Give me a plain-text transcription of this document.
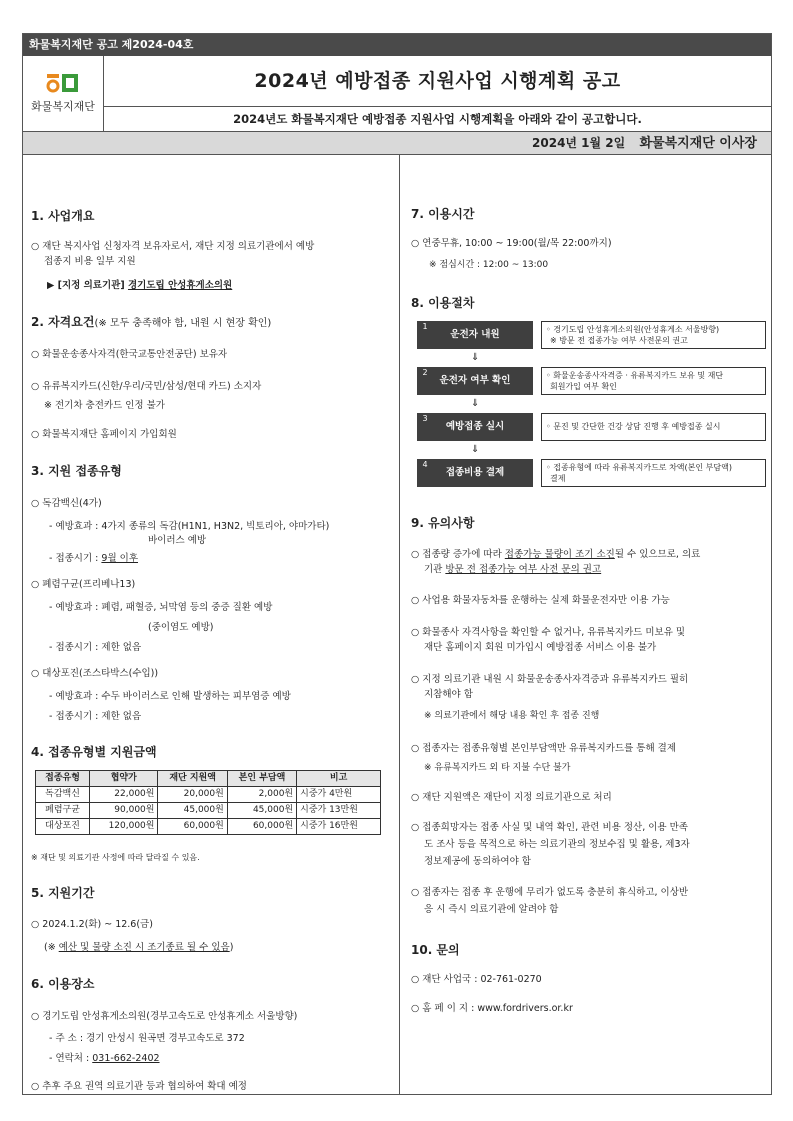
화물복지재단 공고 제2024-04호
화물복지재단
2024년 예방접종 지원사업 시행계획 공고
2024년도 화물복지재단 예방접종 지원사업 시행계획을 아래와 같이 공고합니다.
2024년 1월 2일 화물복지재단 이사장
1. 사업개요
○ 재단 복지사업 신청자격 보유자로서, 재단 지정 의료기관에서 예방
접종지 비용 일부 지원
▶ [지정 의료기관] 경기도립 안성휴게소의원
2. 자격요건(※ 모두 충족해야 함, 내원 시 현장 확인)
○ 화물운송종사자격(한국교통안전공단) 보유자
○ 유류복지카드(신한/우리/국민/삼성/현대 카드) 소지자
※ 전기차 충전카드 인정 불가
○ 화물복지재단 홈페이지 가입회원
3. 지원 접종유형
○ 독감백신(4가)
- 예방효과 : 4가지 종류의 독감(H1N1, H3N2, 빅토리아, 야마가타)
바이러스 예방
- 접종시기 : 9월 이후
○ 폐렴구균(프리베나13)
- 예방효과 : 폐렴, 패혈증, 뇌막염 등의 중증 질환 예방
(중이염도 예방)
- 접종시기 : 제한 없음
○ 대상포진(조스타박스(수입))
- 예방효과 : 수두 바이러스로 인해 발생하는 피부염증 예방
- 접종시기 : 제한 없음
4. 접종유형별 지원금액
접종유형	협약가	재단 지원액	본인 부담액	비고
독감백신	22,000원	20,000원	2,000원	시중가 4만원
폐렴구균	90,000원	45,000원	45,000원	시중가 13만원
대상포진	120,000원	60,000원	60,000원	시중가 16만원
※ 재단 및 의료기관 사정에 따라 달라질 수 있음.
5. 지원기간
○ 2024.1.2(화) ~ 12.6(금)
(※ 예산 및 물량 소진 시 조기종료 될 수 있음)
6. 이용장소
○ 경기도립 안성휴게소의원(경부고속도로 안성휴게소 서울방향)
- 주 소 : 경기 안성시 원곡면 경부고속도로 372
- 연락처 : 031-662-2402
○ 추후 주요 권역 의료기관 등과 협의하여 확대 예정
7. 이용시간
○ 연중무휴, 10:00 ~ 19:00(월/목 22:00까지)
※ 점심시간 : 12:00 ~ 13:00
8. 이용절차
운전자 내원
1	◦ 경기도립 안성휴게소의원(안성휴게소 서울방향)
※ 방문 전 접종가능 여부 사전문의 권고
⇓
운전자 여부 확인
2	◦ 화물운송종사자격증 · 유류복지카드 보유 및 재단
회원가입 여부 확인
⇓
예방접종 실시
3
◦ 문진 및 간단한 건강 상담 진행 후 예방접종 실시
⇓
접종비용 결제
4	◦ 접종유형에 따라 유류복지카드로 차액(본인 부담액)
결제
9. 유의사항
○ 접종량 증가에 따라 접종가능 물량이 조기 소진될 수 있으므로, 의료
기관 방문 전 접종가능 여부 사전 문의 권고
○ 사업용 화물자동차를 운행하는 실제 화물운전자만 이용 가능
○ 화물종사 자격사항을 확인할 수 없거나, 유류복지카드 미보유 및
재단 홈페이지 회원 미가입시 예방접종 서비스 이용 불가
○ 지정 의료기관 내원 시 화물운송종사자격증과 유류복지카드 필히
지참해야 함
※ 의료기관에서 해당 내용 확인 후 접종 진행
○ 접종자는 접종유형별 본인부담액만 유류복지카드를 통해 결제
※ 유류복지카드 외 타 지불 수단 불가
○ 재단 지원액은 재단이 지정 의료기관으로 처리
○ 접종희망자는 접종 사실 및 내역 확인, 관련 비용 정산, 이용 만족
도 조사 등을 목적으로 하는 의료기관의 정보수집 및 활용, 제3자
정보제공에 동의하여야 함
○ 접종자는 접종 후 운행에 무리가 없도록 충분히 휴식하고, 이상반
응 시 즉시 의료기관에 알려야 함
10. 문의
○ 재단 사업국 : 02-761-0270
○ 홈 페 이 지 : www.fordrivers.or.kr
